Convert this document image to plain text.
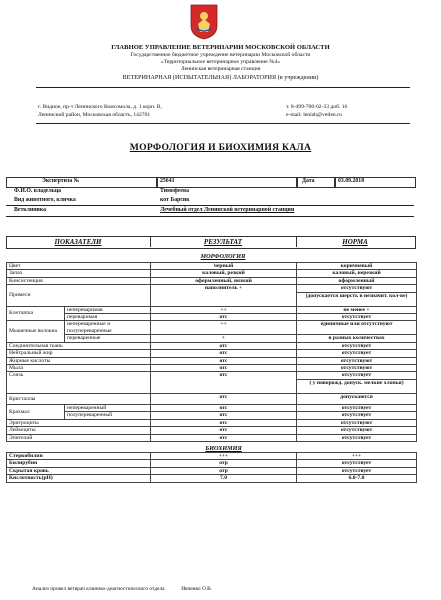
ГЛАВНОЕ УПРАВЛЕНИЕ ВЕТЕРИНАРИИ МОСКОВСКОЙ ОБЛАСТИ
Государственное бюджетное учреждение ветеринарии Московской области
«Территориальное ветеринарное управление №4»
Ленинская ветеринарная станция
ВЕТЕРИНАРНАЯ (ИСПЫТАТЕЛЬНАЯ) ЛАБОРАТОРИЯ (в учреждении)
г. Видное, пр-т Ленинского Комсомола, д. 1 корп. В,
Ленинский район, Московская область, 142701
т. 8-499-700-02-33 доб. 16
e-mail: lenlab@vetlen.ru
МОРФОЛОГИЯ И БИОХИМИЯ КАЛА
Экспертиза №	25641	Дата	03.09.2018
Ф.И.О. владельца	Тимофеева
Вид животного, кличка	кот Барсик
Ветклиника	Лечебный отдел Ленинской ветеринарной станции
ПОКАЗАТЕЛИ	РЕЗУЛЬТАТ	НОРМА
МОРФОЛОГИЯ
Цвет		черный	коричневый
Запах		каловый, резкий	каловый, нерезкий
Консистенция		оформленный, вязкий	оформленный
Примеси		наполнитель +	отсутствуют
			(допускается шерсть в незначит. кол-ве)
Клетчатка	непереваримая	++	не менее +
	переваримая	отс	отсутствует
Мышечные волокна	непереваренные и полупереваренные	++	единичные или отсутствуют
	переваренные	+	в разных количествах
Соединительная ткань		отс	отсутствует
Нейтральный жир		отс	отсутствует
Жирные кислоты		отс	отсутствуют
Мыла		отс	отсутствуют
Слизь		отс	отсутствует
			( у новорожд. допуск. мелкие хлопья)
Кристаллы		отс	допускаются
Крахмал	непереваренный	отс	отсутствует
	полупереваренный	отс	отсутствует
Эритроциты		отс	отсутствуют
Лейкоциты		отс	отсутствуют
Эпителий		отс	отсутствует
		БИОХИМИЯ	
Стеркобилин		+++	+++
Билирубин		отр	отсутствует
Скрытая кровь		отр	отсутствует
Кислотность(рН)		7.0	6.0-7.0
Анализ провел ветврач клинико-диагностического отдела	Ивченко О.В.
